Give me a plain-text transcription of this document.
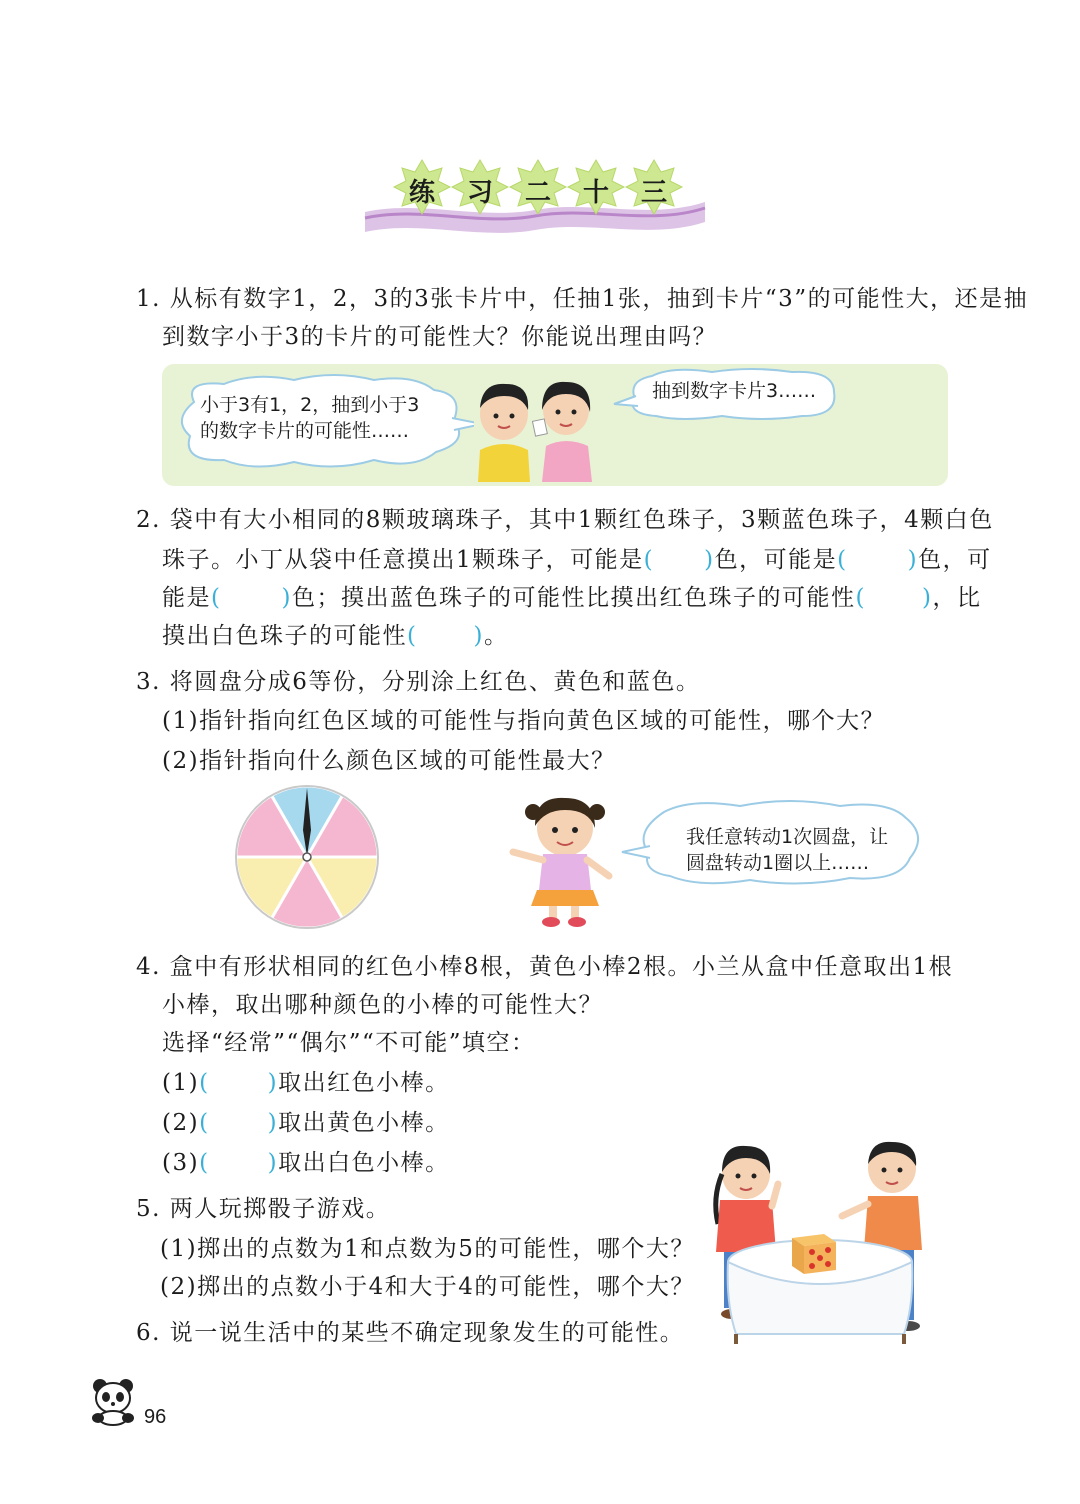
练 习 二 十 三
1. 从标有数字1，2，3的3张卡片中，任抽1张，抽到卡片“3”的可能性大，还是抽
到数字小于3的卡片的可能性大？你能说出理由吗？
小于3有1，2，抽到小于3
的数字卡片的可能性……
抽到数字卡片3……
2. 袋中有大小相同的8颗玻璃珠子，其中1颗红色珠子，3颗蓝色珠子，4颗白色
珠子。小丁从袋中任意摸出1颗珠子，可能是( )色，可能是(	)色，可
能是(	)色；摸出蓝色珠子的可能性比摸出红色珠子的可能性( )，比
摸出白色珠子的可能性( )。
3. 将圆盘分成6等份，分别涂上红色、黄色和蓝色。
(1)指针指向红色区域的可能性与指向黄色区域的可能性，哪个大？
(2)指针指向什么颜色区域的可能性最大？
我任意转动1次圆盘，让
圆盘转动1圈以上……
4. 盒中有形状相同的红色小棒8根，黄色小棒2根。小兰从盒中任意取出1根
小棒，取出哪种颜色的小棒的可能性大？
选择“经常”“偶尔”“不可能”填空：
(1)(	)取出红色小棒。
(2)(	)取出黄色小棒。
(3)(	)取出白色小棒。
5. 两人玩掷骰子游戏。
(1)掷出的点数为1和点数为5的可能性，哪个大？
(2)掷出的点数小于4和大于4的可能性，哪个大？
6. 说一说生活中的某些不确定现象发生的可能性。
96
